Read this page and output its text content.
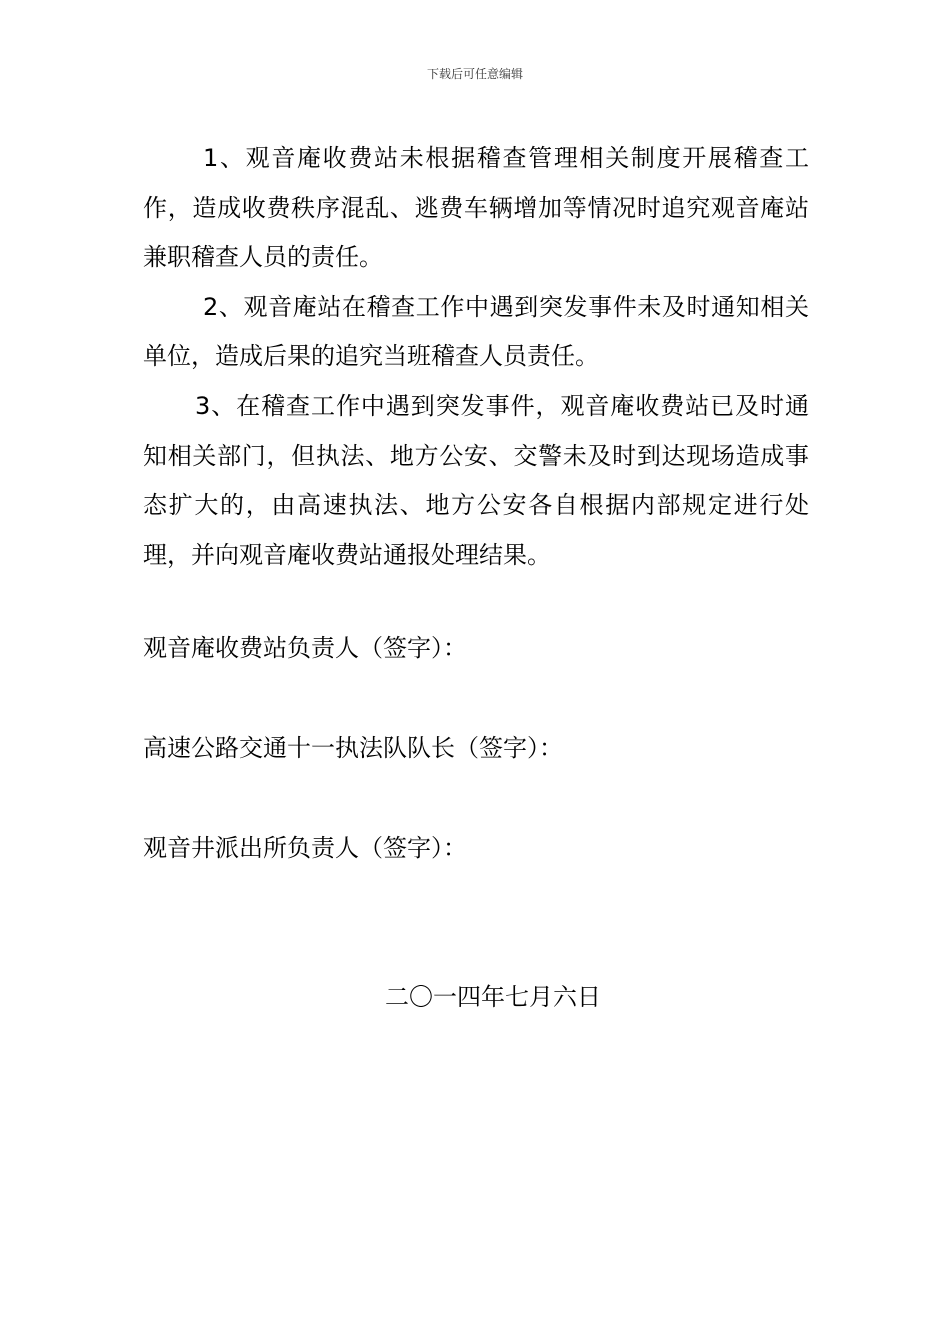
下载后可任意编辑

1、观音庵收费站未根据稽查管理相关制度开展稽查工作，造成收费秩序混乱、逃费车辆增加等情况时追究观音庵站兼职稽查人员的责任。

2、观音庵站在稽查工作中遇到突发事件未及时通知相关单位，造成后果的追究当班稽查人员责任。

3、在稽查工作中遇到突发事件，观音庵收费站已及时通知相关部门，但执法、地方公安、交警未及时到达现场造成事态扩大的，由高速执法、地方公安各自根据内部规定进行处理，并向观音庵收费站通报处理结果。

观音庵收费站负责人（签字）：
高速公路交通十一执法队队长（签字）：
观音井派出所负责人（签字）：
二〇一四年七月六日
